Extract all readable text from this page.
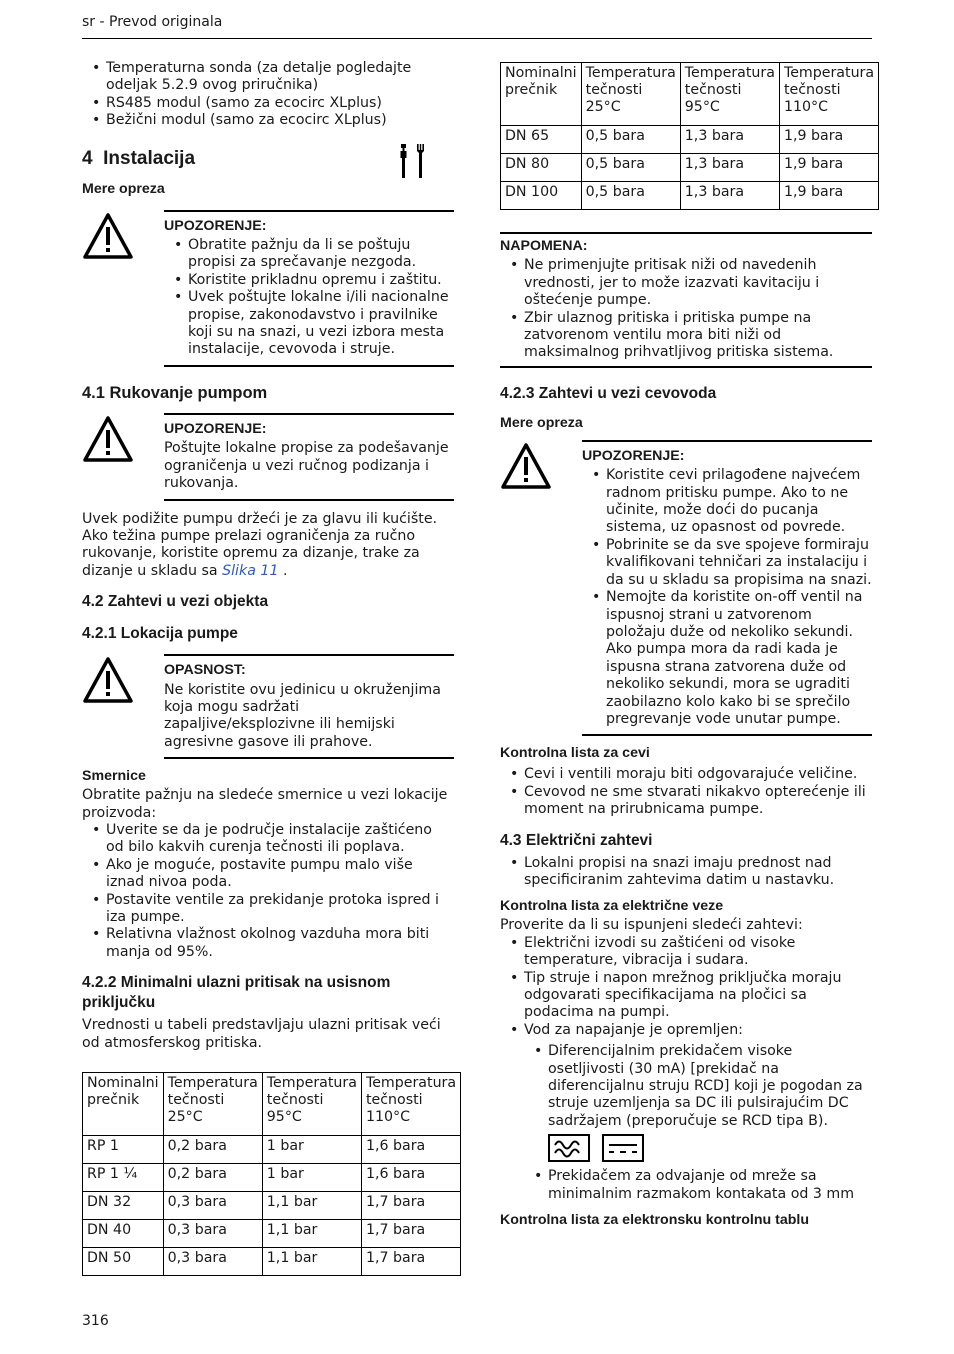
sr - Prevod originala
• Temperaturna sonda (za detalje pogledajte odeljak 5.2.9 ovog priručnika)
• RS485 modul (samo za ecocirc XLplus)
• Bežični modul (samo za ecocirc XLplus)
4 Instalacija
Mere opreza
UPOZORENJE:
• Obratite pažnju da li se poštuju propisi za sprečavanje nezgoda.
• Koristite prikladnu opremu i zaštitu.
• Uvek poštujte lokalne i/ili nacionalne propise, zakonodavstvo i pravilnike koji su na snazi, u vezi izbora mesta instalacije, cevovoda i struje.
4.1 Rukovanje pumpom
UPOZORENJE:
Poštujte lokalne propise za podešavanje ograničenja u vezi ručnog podizanja i rukovanja.

Uvek podižite pumpu držeći je za glavu ili kućište. Ako težina pumpe prelazi ograničenja za ručno rukovanje, koristite opremu za dizanje, trake za dizanje u skladu sa Slika 11 .

4.2 Zahtevi u vezi objekta
4.2.1 Lokacija pumpe
OPASNOST:
Ne koristite ovu jedinicu u okruženjima koja mogu sadržati zapaljive/eksplozivne ili hemijski agresivne gasove ili prahove.
Smernice

Obratite pažnju na sledeće smernice u vezi lokacije proizvoda:

• Uverite se da je područje instalacije zaštićeno od bilo kakvih curenja tečnosti ili poplava.
• Ako je moguće, postavite pumpu malo više iznad nivoa poda.
• Postavite ventile za prekidanje protoka ispred i iza pumpe.
• Relativna vlažnost okolnog vazduha mora biti manja od 95%.
4.2.2 Minimalni ulazni pritisak na usisnom priključku

Vrednosti u tabeli predstavljaju ulazni pritisak veći od atmosferskog pritiska.

Nominalni prečnik	Temperatura tečnosti 25°C	Temperatura tečnosti 95°C	Temperatura tečnosti 110°C
RP 1	0,2 bara	1 bar	1,6 bara
RP 1 ¼	0,2 bara	1 bar	1,6 bara
DN 32	0,3 bara	1,1 bar	1,7 bara
DN 40	0,3 bara	1,1 bar	1,7 bara
DN 50	0,3 bara	1,1 bar	1,7 bara
Nominalni prečnik	Temperatura tečnosti 25°C	Temperatura tečnosti 95°C	Temperatura tečnosti 110°C
DN 65	0,5 bara	1,3 bara	1,9 bara
DN 80	0,5 bara	1,3 bara	1,9 bara
DN 100	0,5 bara	1,3 bara	1,9 bara
NAPOMENA:
• Ne primenjujte pritisak niži od navedenih vrednosti, jer to može izazvati kavitaciju i oštećenje pumpe.
• Zbir ulaznog pritiska i pritiska pumpe na zatvorenom ventilu mora biti niži od maksimalnog prihvatljivog pritiska sistema.
4.2.3 Zahtevi u vezi cevovoda
Mere opreza
UPOZORENJE:
• Koristite cevi prilagođene najvećem radnom pritisku pumpe. Ako to ne učinite, može doći do pucanja sistema, uz opasnost od povrede.
• Pobrinite se da sve spojeve formiraju kvalifikovani tehničari za instalaciju i da su u skladu sa propisima na snazi.
• Nemojte da koristite on-off ventil na ispusnoj strani u zatvorenom položaju duže od nekoliko sekundi. Ako pumpa mora da radi kada je ispusna strana zatvorena duže od nekoliko sekundi, mora se ugraditi zaobilazno kolo kako bi se sprečilo pregrevanje vode unutar pumpe.
Kontrolna lista za cevi
• Cevi i ventili moraju biti odgovarajuće veličine.
• Cevovod ne sme stvarati nikakvo opterećenje ili moment na prirubnicama pumpe.
4.3 Električni zahtevi
• Lokalni propisi na snazi imaju prednost nad specificiranim zahtevima datim u nastavku.
Kontrolna lista za električne veze

Proverite da li su ispunjeni sledeći zahtevi:

• Električni izvodi su zaštićeni od visoke temperature, vibracija i sudara.
• Tip struje i napon mrežnog priključka moraju odgovarati specifikacijama na pločici sa podacima na pumpi.
• Vod za napajanje je opremljen:
• Diferencijalnim prekidačem visoke osetljivosti (30 mA) [prekidač na diferencijalnu struju RCD] koji je pogodan za struje uzemljenja sa DC ili pulsirajućim DC sadržajem (preporučuje se RCD tipa B).
• Prekidačem za odvajanje od mreže sa minimalnim razmakom kontakata od 3 mm
Kontrolna lista za elektronsku kontrolnu tablu
316
